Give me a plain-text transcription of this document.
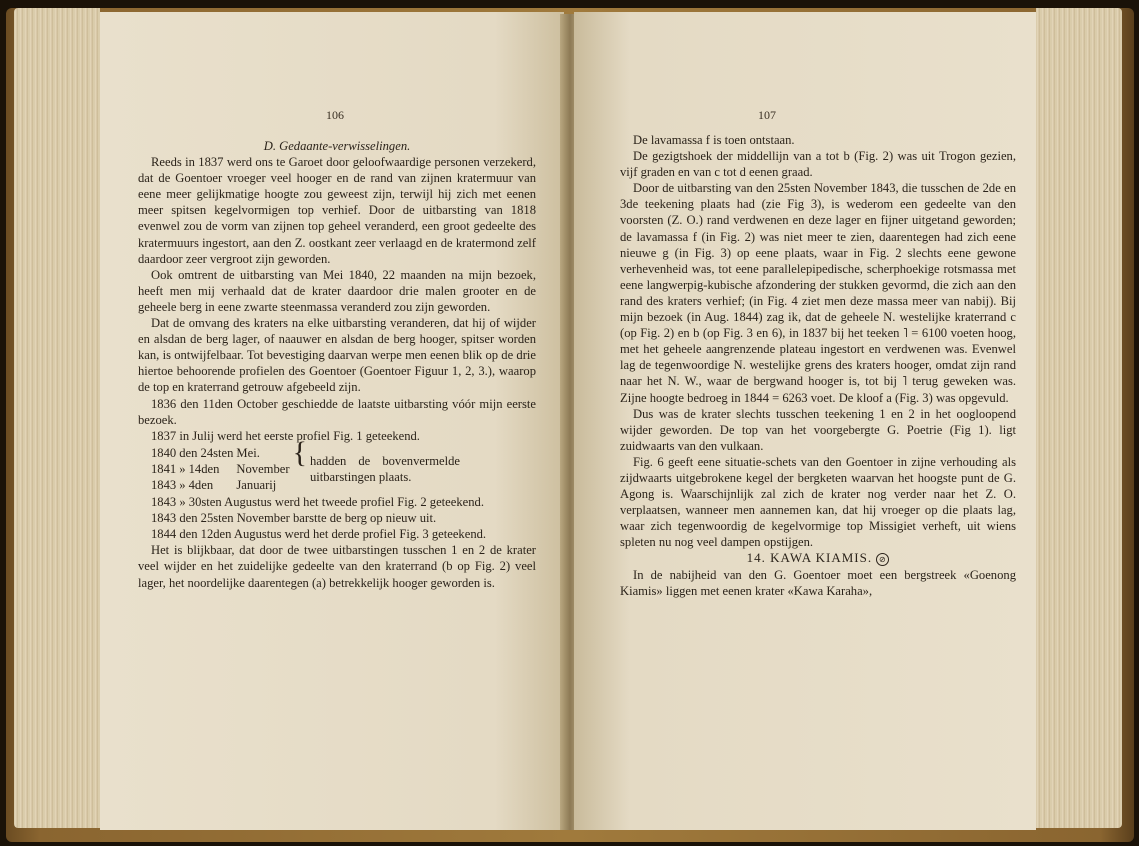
106

D. Gedaante-verwisselingen.

Reeds in 1837 werd ons te Garoet door geloofwaardige personen verzekerd, dat de Goentoer vroeger veel hooger en de rand van zijnen kratermuur van eene meer gelijkmatige hoogte zou geweest zijn, terwijl hij zich met eenen meer spitsen kegelvormigen top verhief. Door de uitbarsting van 1818 evenwel zou de vorm van zijnen top geheel veranderd, een groot gedeelte des kratermuurs ingestort, aan den Z. oostkant zeer verlaagd en de kratermond zelf daardoor zeer vergroot zijn geworden.

Ook omtrent de uitbarsting van Mei 1840, 22 maanden na mijn bezoek, heeft men mij verhaald dat de krater daardoor drie malen grooter en de geheele berg in eene zwarte steenmassa veranderd zou zijn geworden.

Dat de omvang des kraters na elke uitbarsting veranderen, dat hij of wijder en alsdan de berg lager, of naauwer en alsdan de berg hooger, spitser worden kan, is ontwijfelbaar. Tot bevestiging daarvan werpe men eenen blik op de drie hiertoe behoorende profielen des Goentoer (Goentoer Figuur 1, 2, 3.), waarop de top en kraterrand getrouw afgebeeld zijn.

1836 den 11den October geschiedde de laatste uitbarsting vóór mijn eerste bezoek.

1837 in Julij werd het eerste profiel Fig. 1 geteekend.

1840	den 24sten	Mei.	{	hadden de bovenvermelde uitbarstingen plaats.
1841	» 14den	November		
1843	» 4den	Januarij		

1843 » 30sten Augustus werd het tweede profiel Fig. 2 geteekend.

1843 den 25sten November barstte de berg op nieuw uit.

1844 den 12den Augustus werd het derde profiel Fig. 3 geteekend.

Het is blijkbaar, dat door de twee uitbarstingen tusschen 1 en 2 de krater veel wijder en het zuidelijke gedeelte van den kraterrand (b op Fig. 2) veel lager, het noordelijke daarentegen (a) betrekkelijk hooger geworden is.

107

De lavamassa f is toen ontstaan.

De gezigtshoek der middellijn van a tot b (Fig. 2) was uit Trogon gezien, vijf graden en van c tot d eenen graad.

Door de uitbarsting van den 25sten November 1843, die tusschen de 2de en 3de teekening plaats had (zie Fig 3), is wederom een gedeelte van den voorsten (Z. O.) rand verdwenen en deze lager en fijner uitgetand geworden; de lavamassa f (in Fig. 2) was niet meer te zien, daarentegen had zich eene nieuwe g (in Fig. 3) op eene plaats, waar in Fig. 2 slechts eene gewone verhevenheid was, tot eene parallelepipedische, scherphoekige rotsmassa met eene langwerpig-kubische afzondering der stukken gevormd, die zich aan den rand des kraters verhief; (in Fig. 4 ziet men deze massa meer van nabij). Bij mijn bezoek (in Aug. 1844) zag ik, dat de geheele N. westelijke kraterrand c (op Fig. 2) en b (op Fig. 3 en 6), in 1837 bij het teeken ˥ = 6100 voeten hoog, met het geheele aangrenzende plateau ingestort en verdwenen was. Evenwel lag de tegenwoordige N. westelijke grens des kraters hooger, omdat zijn rand naar het N. W., waar de bergwand hooger is, tot bij ˥ terug geweken was. Zijne hoogte bedroeg in 1844 = 6263 voet. De kloof a (Fig. 3) was opgevuld.

Dus was de krater slechts tusschen teekening 1 en 2 in het oogloopend wijder geworden. De top van het voorgebergte G. Poetrie (Fig 1). ligt zuidwaarts van den vulkaan.

Fig. 6 geeft eene situatie-schets van den Goentoer in zijne verhouding als zijdwaarts uitgebrokene kegel der bergketen waarvan het hoogste punt de G. Agong is. Waarschijnlijk zal zich de krater nog verder naar het Z. O. verplaatsen, wanneer men aannemen kan, dat hij vroeger op die plaats lag, waar zich tegenwoordig de kegelvormige top Missigiet verheft, uit wiens spleten nu nog veel dampen opstijgen.

14. KAWA KIAMIS. ⊘

In de nabijheid van den G. Goentoer moet een bergstreek «Goenong Kiamis» liggen met eenen krater «Kawa Karaha»,
